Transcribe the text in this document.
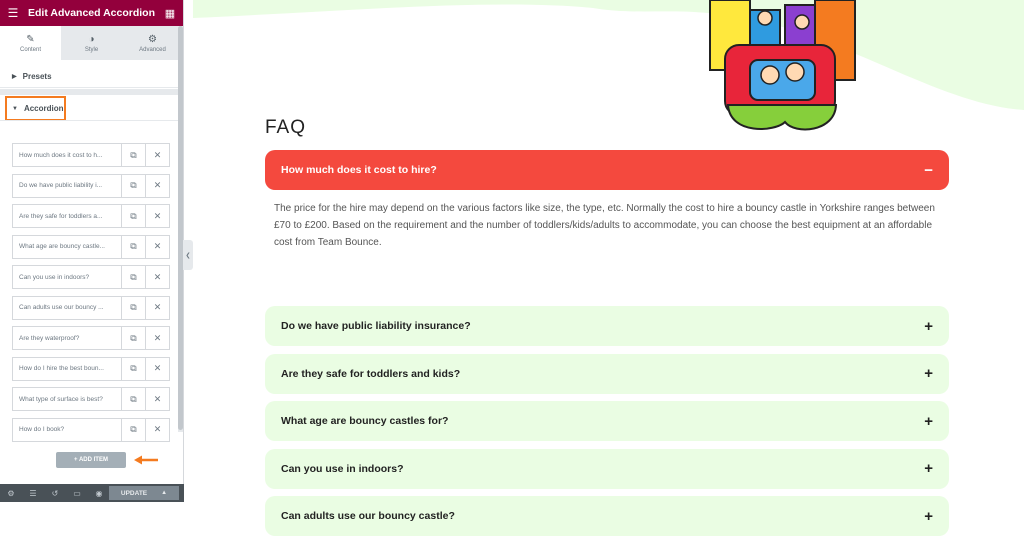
☰ Edit Advanced Accordion ▦
✎
Content
◑
Style
⚙
Advanced
▶ Presets
▼ Accordion
How much does it cost to h...	⧉	✕
Do we have public liability i...	⧉	✕
Are they safe for toddlers a...	⧉	✕
What age are bouncy castle...	⧉	✕
Can you use in indoors?	⧉	✕
Can adults use our bouncy ...	⧉	✕
Are they waterproof?	⧉	✕
How do I hire the best boun...	⧉	✕
What type of surface is best?	⧉	✕
How do I book?	⧉	✕
+ ADD ITEM
⚙	☰	↺	▭	◉	UPDATE ▲
❮
FAQ
How much does it cost to hire?	−
The price for the hire may depend on the various factors like size, the type, etc. Normally the cost to hire a bouncy castle in Yorkshire ranges between £70 to £200. Based on the requirement and the number of toddlers/kids/adults to accommodate, you can choose the best equipment at an affordable cost from Team Bounce.
Do we have public liability insurance?	+
Are they safe for toddlers and kids?	+
What age are bouncy castles for?	+
Can you use in indoors?	+
Can adults use our bouncy castle?	+
